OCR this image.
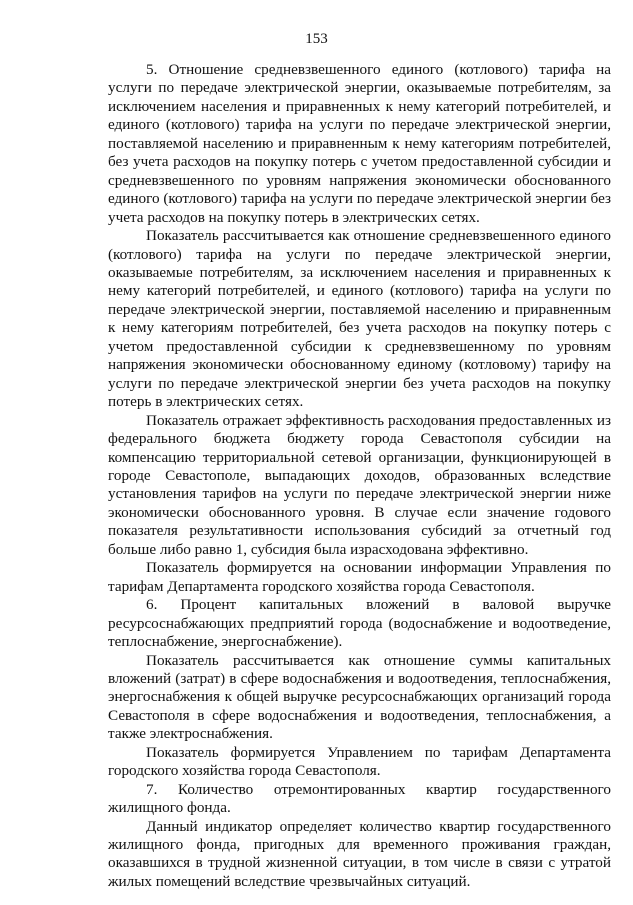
153

5. Отношение средневзвешенного единого (котлового) тарифа на услуги по передаче электрической энергии, оказываемые потребителям, за исключением населения и приравненных к нему категорий потребителей, и единого (котлового) тарифа на услуги по передаче электрической энергии, поставляемой населению и приравненным к нему категориям потребителей, без учета расходов на покупку потерь с учетом предоставленной субсидии и средневзвешенного по уровням напряжения экономически обоснованного единого (котлового) тарифа на услуги по передаче электрической энергии без учета расходов на покупку потерь в электрических сетях.

Показатель рассчитывается как отношение средневзвешенного единого (котлового) тарифа на услуги по передаче электрической энергии, оказываемые потребителям, за исключением населения и приравненных к нему категорий потребителей, и единого (котлового) тарифа на услуги по передаче электрической энергии, поставляемой населению и приравненным к нему категориям потребителей, без учета расходов на покупку потерь с учетом предоставленной субсидии к средневзвешенному по уровням напряжения экономически обоснованному единому (котловому) тарифу на услуги по передаче электрической энергии без учета расходов на покупку потерь в электрических сетях.

Показатель отражает эффективность расходования предоставленных из федерального бюджета бюджету города Севастополя субсидии на компенсацию территориальной сетевой организации, функционирующей в городе Севастополе, выпадающих доходов, образованных вследствие установления тарифов на услуги по передаче электрической энергии ниже экономически обоснованного уровня. В случае если значение годового показателя результативности использования субсидий за отчетный год больше либо равно 1, субсидия была израсходована эффективно.

Показатель формируется на основании информации Управления по тарифам Департамента городского хозяйства города Севастополя.

6. Процент капитальных вложений в валовой выручке ресурсоснабжающих предприятий города (водоснабжение и водоотведение, теплоснабжение, энергоснабжение).

Показатель рассчитывается как отношение суммы капитальных вложений (затрат) в сфере водоснабжения и водоотведения, теплоснабжения, энергоснабжения к общей выручке ресурсоснабжающих организаций города Севастополя в сфере водоснабжения и водоотведения, теплоснабжения, а также электроснабжения.

Показатель формируется Управлением по тарифам Департамента городского хозяйства города Севастополя.

7. Количество отремонтированных квартир государственного жилищного фонда.

Данный индикатор определяет количество квартир государственного жилищного фонда, пригодных для временного проживания граждан, оказавшихся в трудной жизненной ситуации, в том числе в связи с утратой жилых помещений вследствие чрезвычайных ситуаций.
